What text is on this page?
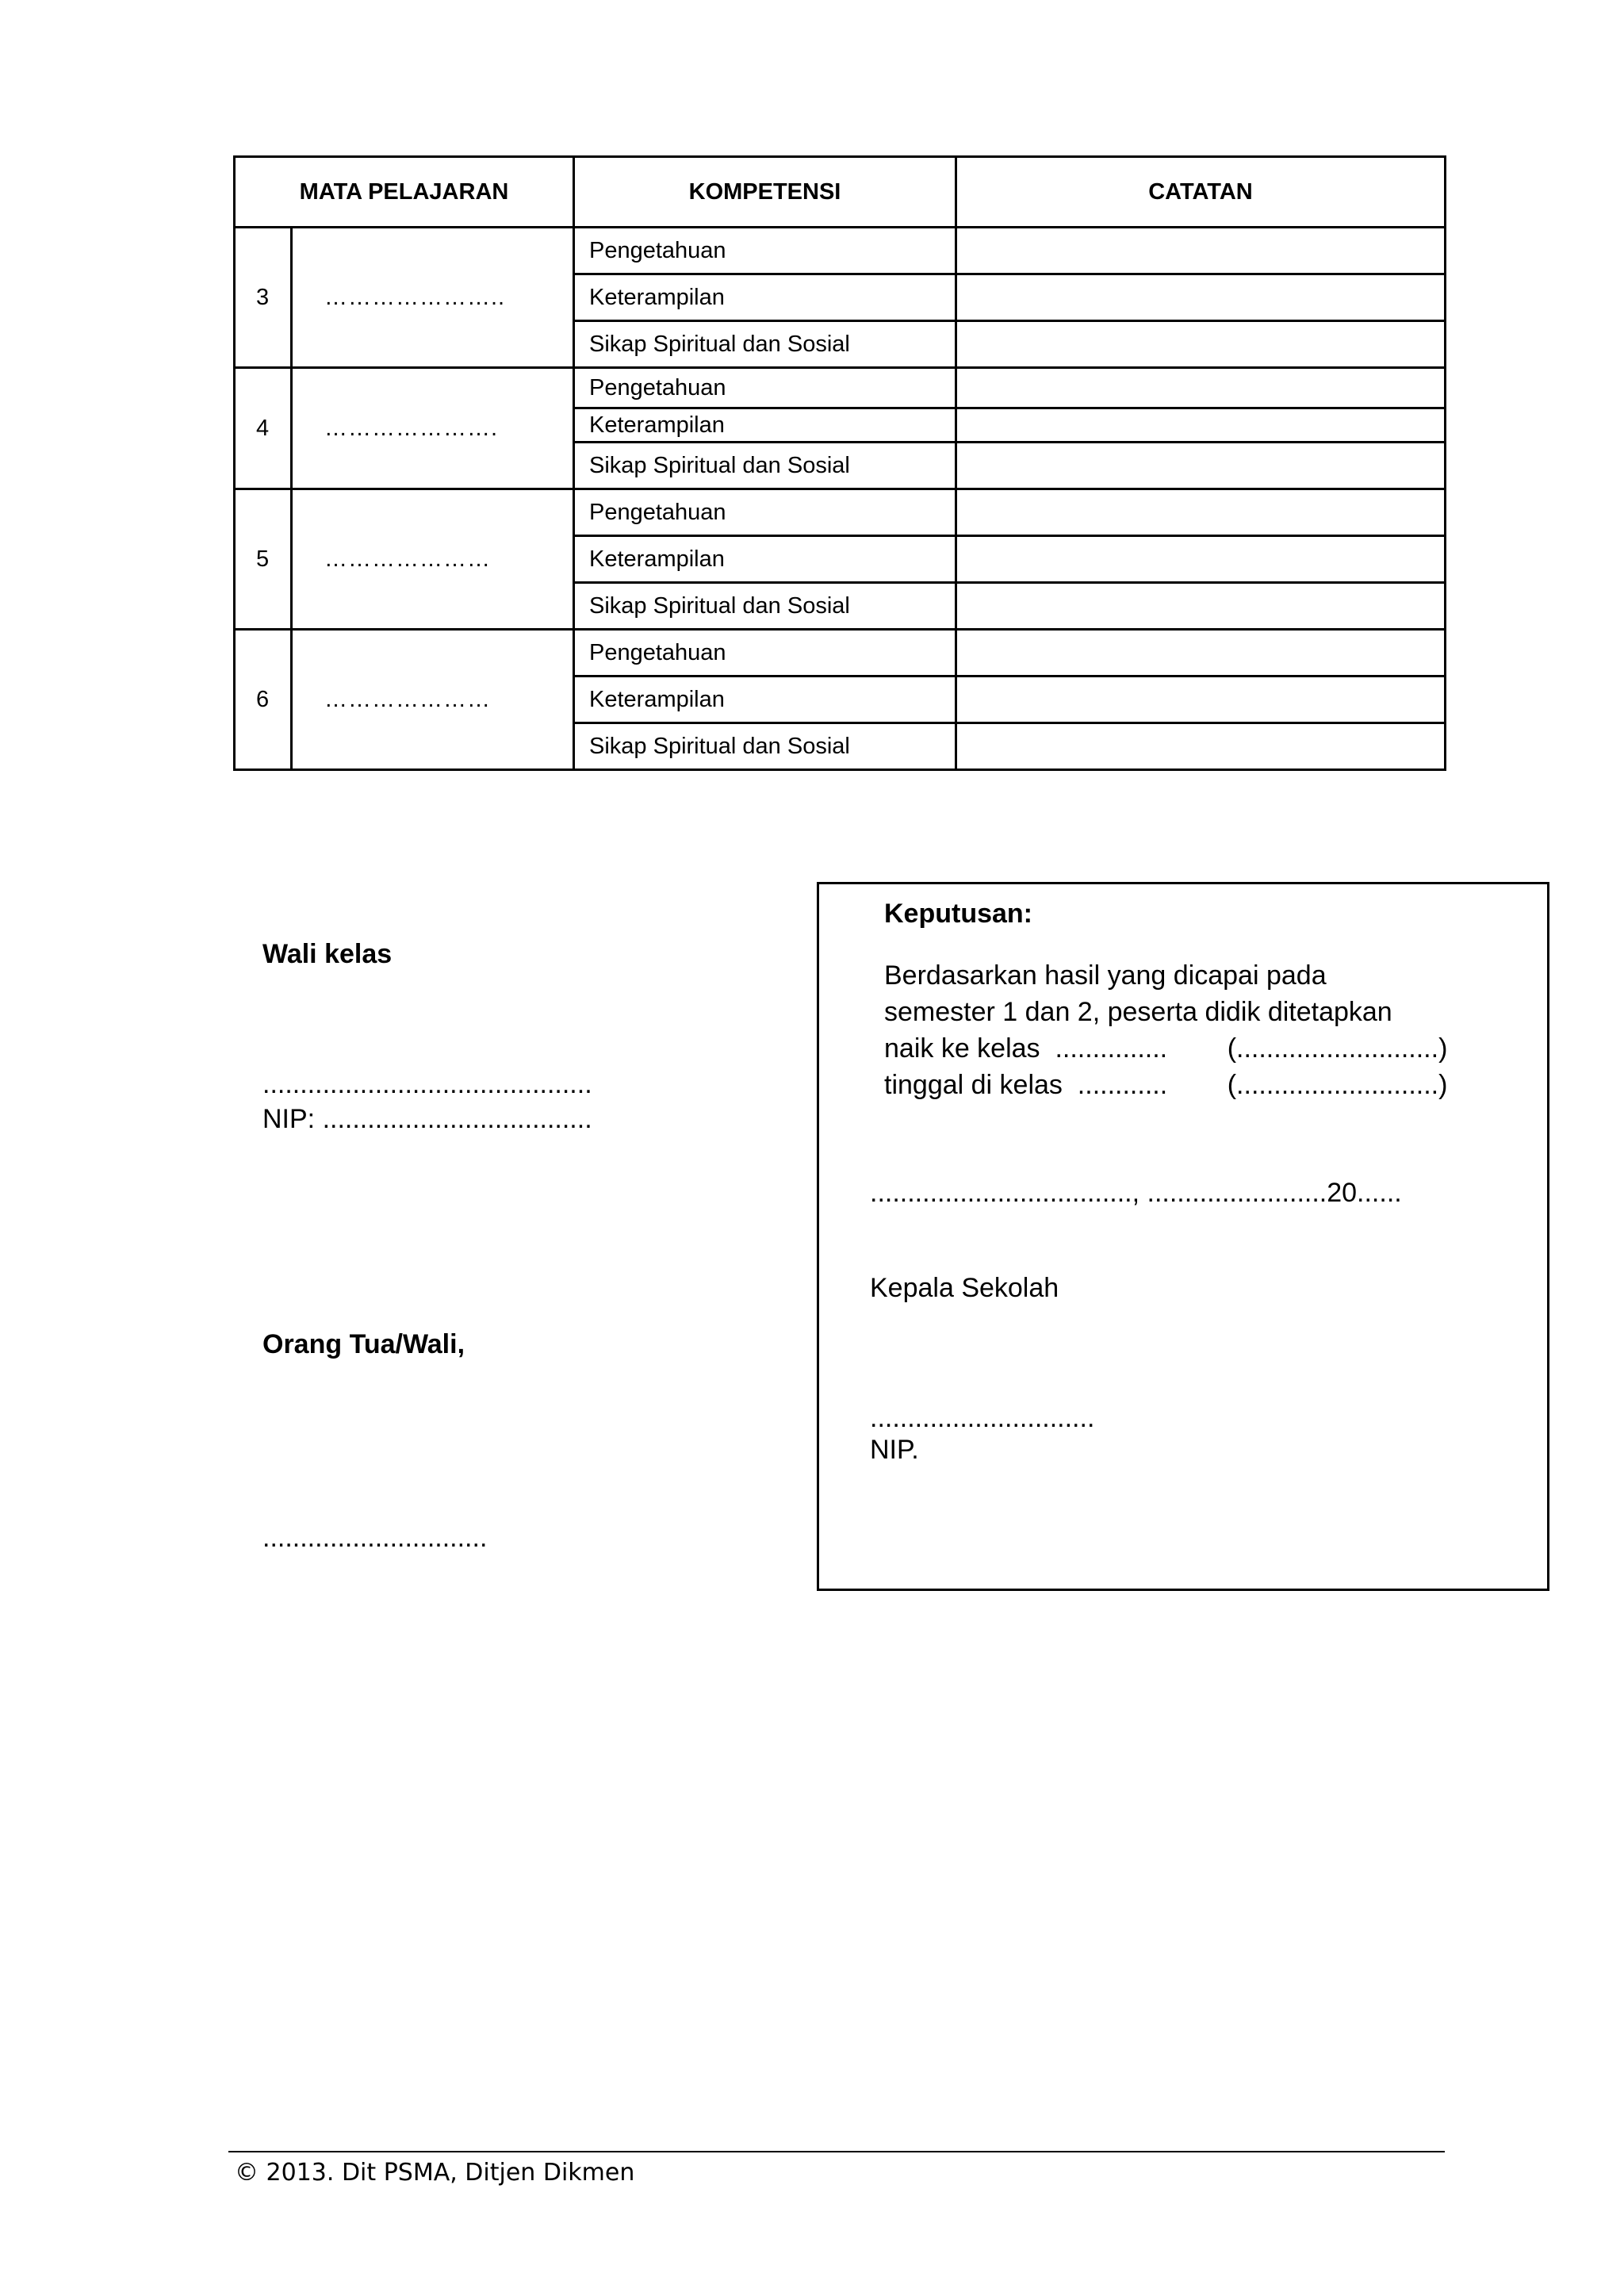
MATA PELAJARAN		KOMPETENSI	CATATAN
3	…………………..	Pengetahuan	
		Keterampilan	
		Sikap Spiritual dan Sosial	
4	………………….	Pengetahuan	
		Keterampilan	
		Sikap Spiritual dan Sosial	
5	…………………	Pengetahuan	
		Keterampilan	
		Sikap Spiritual dan Sosial	
6	…………………	Pengetahuan	
		Keterampilan	
		Sikap Spiritual dan Sosial	
Wali kelas
............................................
NIP: ....................................
Orang Tua/Wali,
..............................
Keputusan:
Berdasarkan hasil yang dicapai pada
semester 1 dan 2, peserta didik ditetapkan
naik ke kelas  ...............        (...........................)
tinggal di kelas  ............        (...........................)
..................................., ........................20......
Kepala Sekolah
..............................
NIP.
© 2013. Dit PSMA, Ditjen Dikmen
